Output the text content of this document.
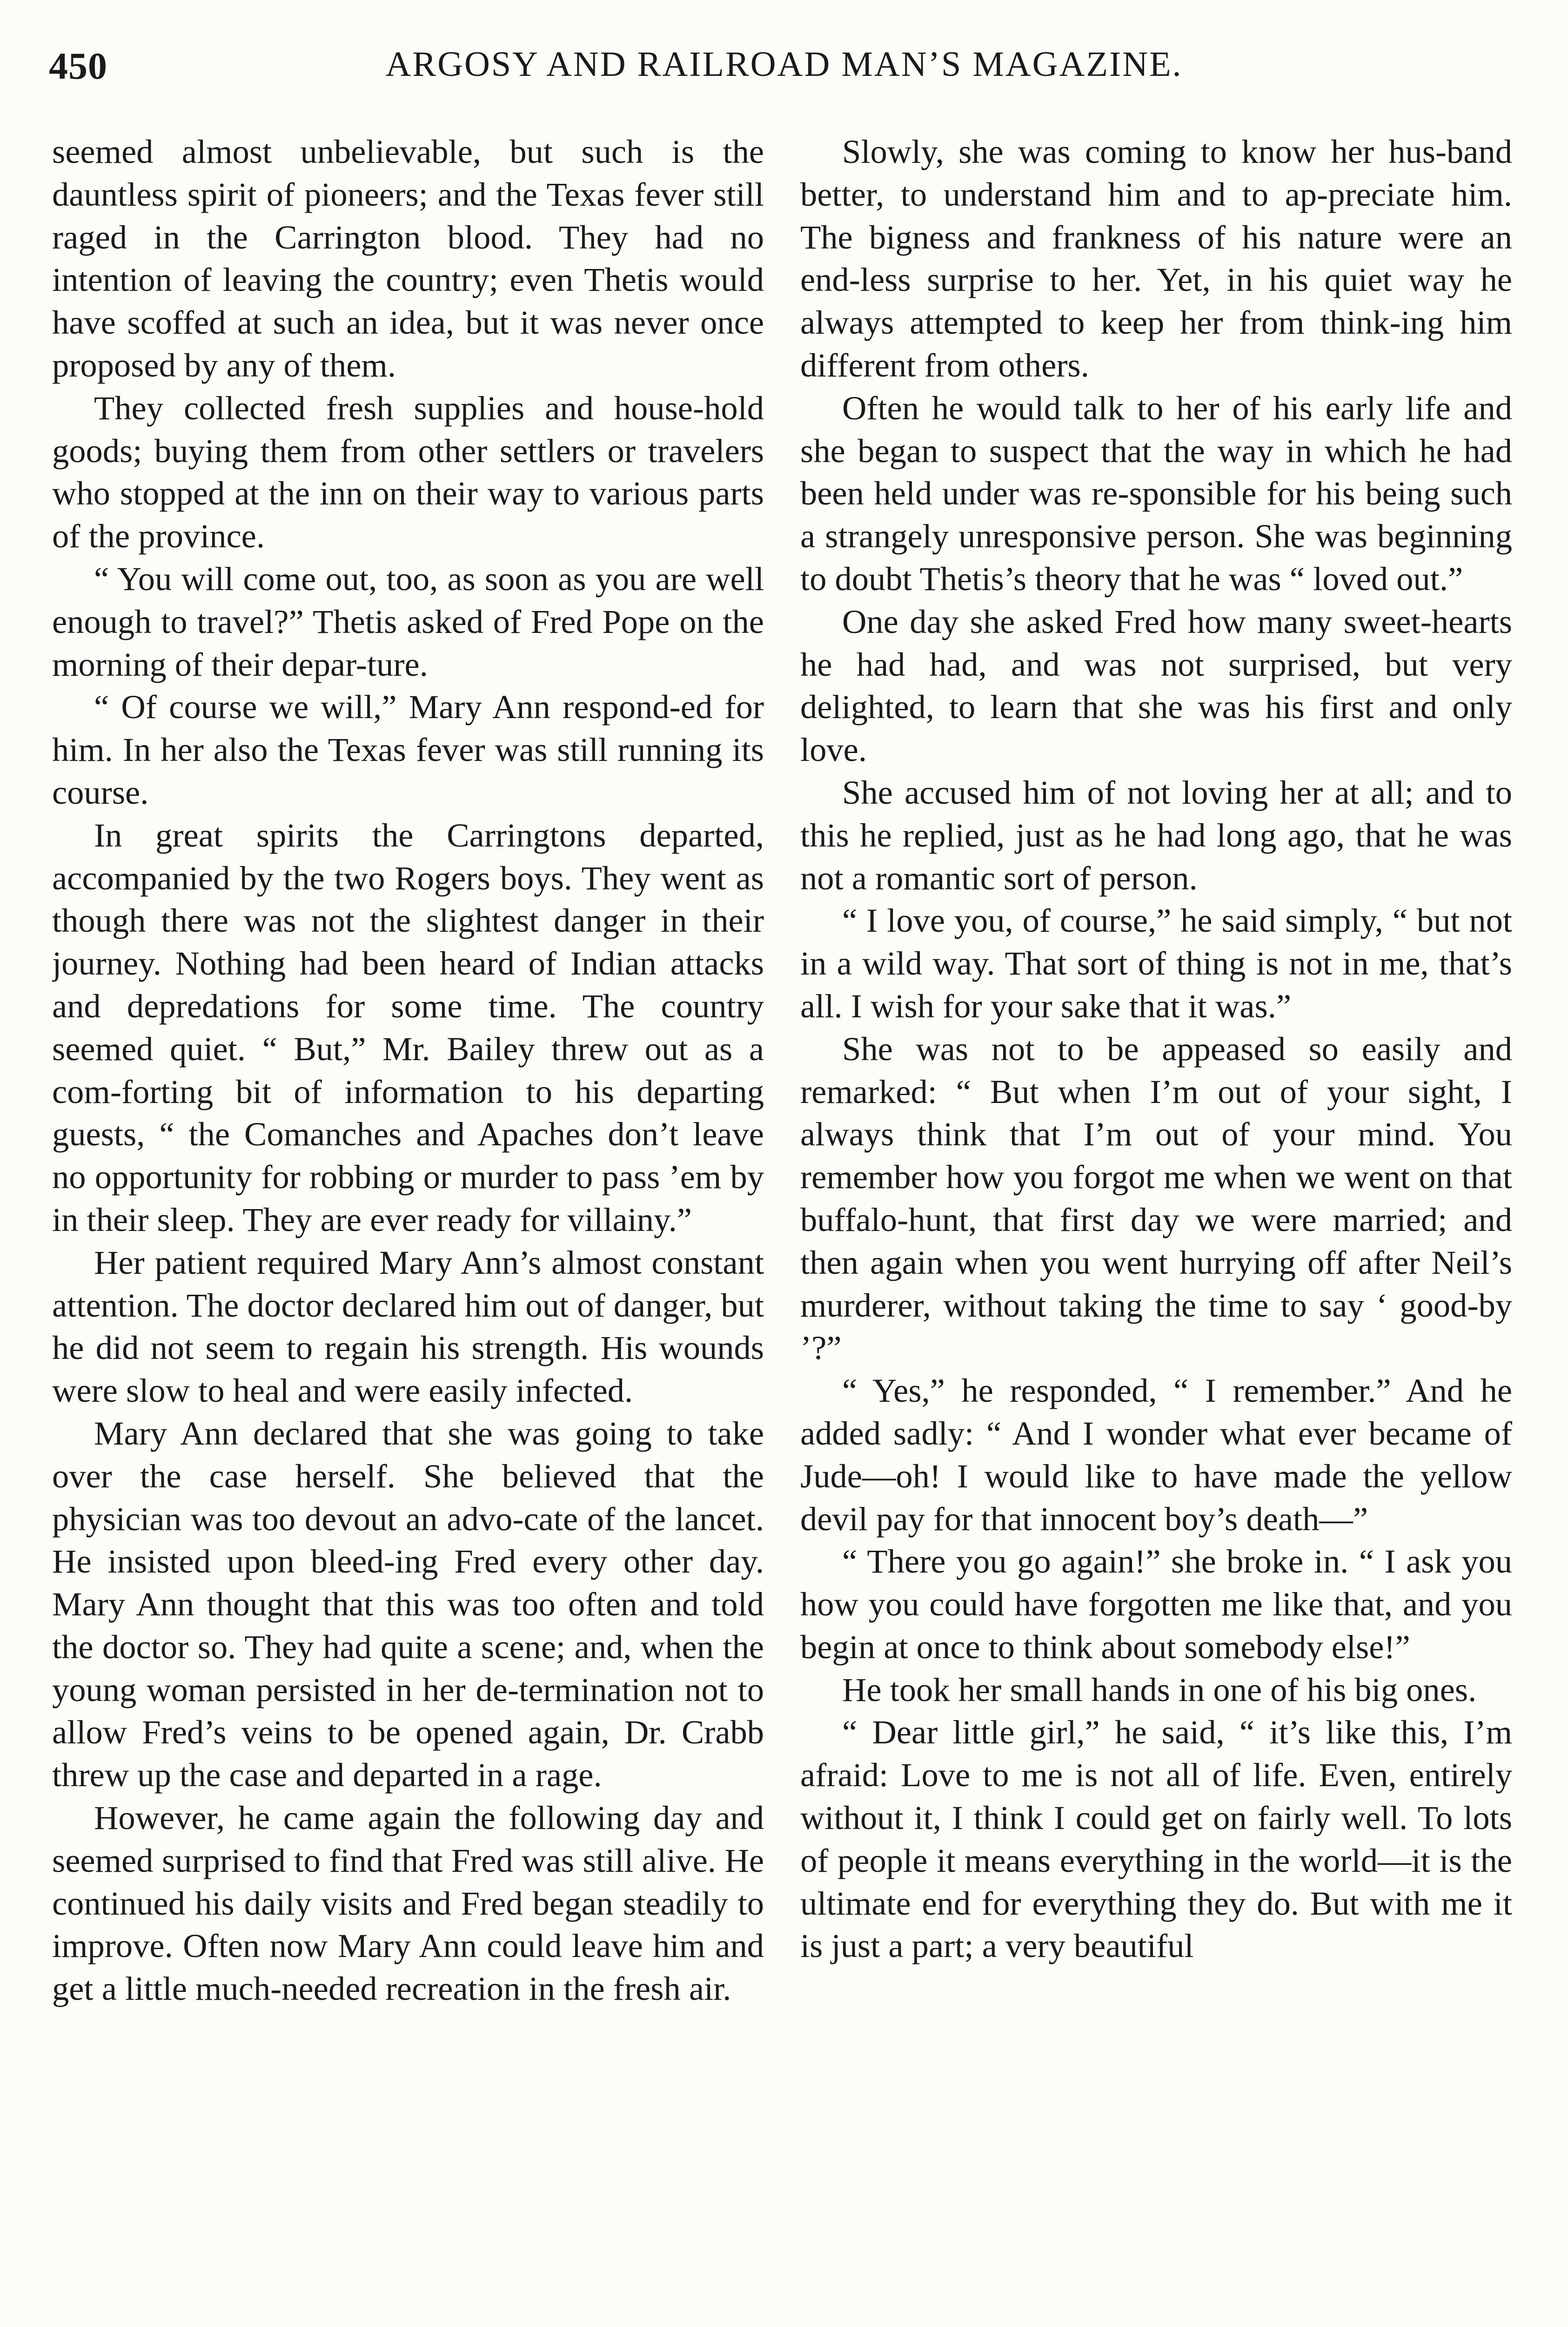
450	ARGOSY AND RAILROAD MAN’S MAGAZINE.

seemed almost unbelievable, but such is the dauntless spirit of pioneers; and the Texas fever still raged in the Carrington blood. They had no intention of leaving the country; even Thetis would have scoffed at such an idea, but it was never once proposed by any of them.

They collected fresh supplies and house-hold goods; buying them from other settlers or travelers who stopped at the inn on their way to various parts of the province.

“ You will come out, too, as soon as you are well enough to travel?” Thetis asked of Fred Pope on the morning of their depar-ture.

“ Of course we will,” Mary Ann respond-ed for him. In her also the Texas fever was still running its course.

In great spirits the Carringtons departed, accompanied by the two Rogers boys. They went as though there was not the slightest danger in their journey. Nothing had been heard of Indian attacks and depredations for some time. The country seemed quiet. “ But,” Mr. Bailey threw out as a com-forting bit of information to his departing guests, “ the Comanches and Apaches don’t leave no opportunity for robbing or murder to pass ’em by in their sleep. They are ever ready for villainy.”

Her patient required Mary Ann’s almost constant attention. The doctor declared him out of danger, but he did not seem to regain his strength. His wounds were slow to heal and were easily infected.

Mary Ann declared that she was going to take over the case herself. She believed that the physician was too devout an advo-cate of the lancet. He insisted upon bleed-ing Fred every other day. Mary Ann thought that this was too often and told the doctor so. They had quite a scene; and, when the young woman persisted in her de-termination not to allow Fred’s veins to be opened again, Dr. Crabb threw up the case and departed in a rage.

However, he came again the following day and seemed surprised to find that Fred was still alive. He continued his daily visits and Fred began steadily to improve. Often now Mary Ann could leave him and get a little much-needed recreation in the fresh air.

Slowly, she was coming to know her hus-band better, to understand him and to ap-preciate him. The bigness and frankness of his nature were an end-less surprise to her. Yet, in his quiet way he always attempted to keep her from think-ing him different from others.

Often he would talk to her of his early life and she began to suspect that the way in which he had been held under was re-sponsible for his being such a strangely unresponsive person. She was beginning to doubt Thetis’s theory that he was “ loved out.”

One day she asked Fred how many sweet-hearts he had had, and was not surprised, but very delighted, to learn that she was his first and only love.

She accused him of not loving her at all; and to this he replied, just as he had long ago, that he was not a romantic sort of person.

“ I love you, of course,” he said simply, “ but not in a wild way. That sort of thing is not in me, that’s all. I wish for your sake that it was.”

She was not to be appeased so easily and remarked: “ But when I’m out of your sight, I always think that I’m out of your mind. You remember how you forgot me when we went on that buffalo-hunt, that first day we were married; and then again when you went hurrying off after Neil’s murderer, without taking the time to say ‘ good-by ’?”

“ Yes,” he responded, “ I remember.” And he added sadly: “ And I wonder what ever became of Jude—oh! I would like to have made the yellow devil pay for that innocent boy’s death—”

“ There you go again!” she broke in. “ I ask you how you could have forgotten me like that, and you begin at once to think about somebody else!”

He took her small hands in one of his big ones.

“ Dear little girl,” he said, “ it’s like this, I’m afraid: Love to me is not all of life. Even, entirely without it, I think I could get on fairly well. To lots of people it means everything in the world—it is the ultimate end for everything they do. But with me it is just a part; a very beautiful
